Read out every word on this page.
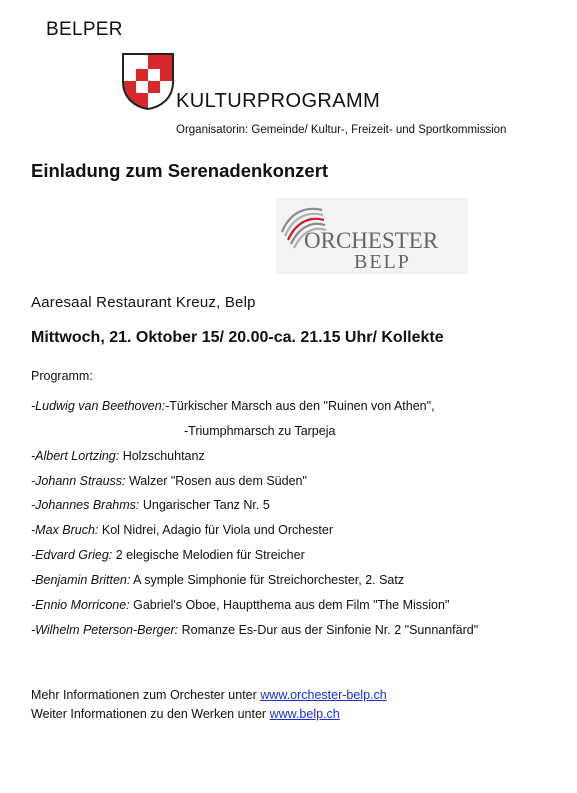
BELPER
KULTURPROGRAMM
Organisatorin: Gemeinde/ Kultur-, Freizeit- und Sportkommission
Einladung zum Serenadenkonzert
ORCHESTER
BELP
Aaresaal Restaurant Kreuz, Belp
Mittwoch, 21. Oktober 15/ 20.00-ca. 21.15 Uhr/ Kollekte
Programm:
-Ludwig van Beethoven:-Türkischer Marsch aus den "Ruinen von Athen",
-Triumphmarsch zu Tarpeja
-Albert Lortzing: Holzschuhtanz
-Johann Strauss: Walzer "Rosen aus dem Süden"
-Johannes Brahms: Ungarischer Tanz Nr. 5
-Max Bruch: Kol Nidrei, Adagio für Viola und Orchester
-Edvard Grieg: 2 elegische Melodien für Streicher
-Benjamin Britten: A symple Simphonie für Streichorchester, 2. Satz
-Ennio Morricone: Gabriel's Oboe, Hauptthema aus dem Film "The Mission"
-Wilhelm Peterson-Berger: Romanze Es-Dur aus der Sinfonie Nr. 2 "Sunnanfärd"
Mehr Informationen zum Orchester unter www.orchester-belp.ch
Weiter Informationen zu den Werken unter www.belp.ch
